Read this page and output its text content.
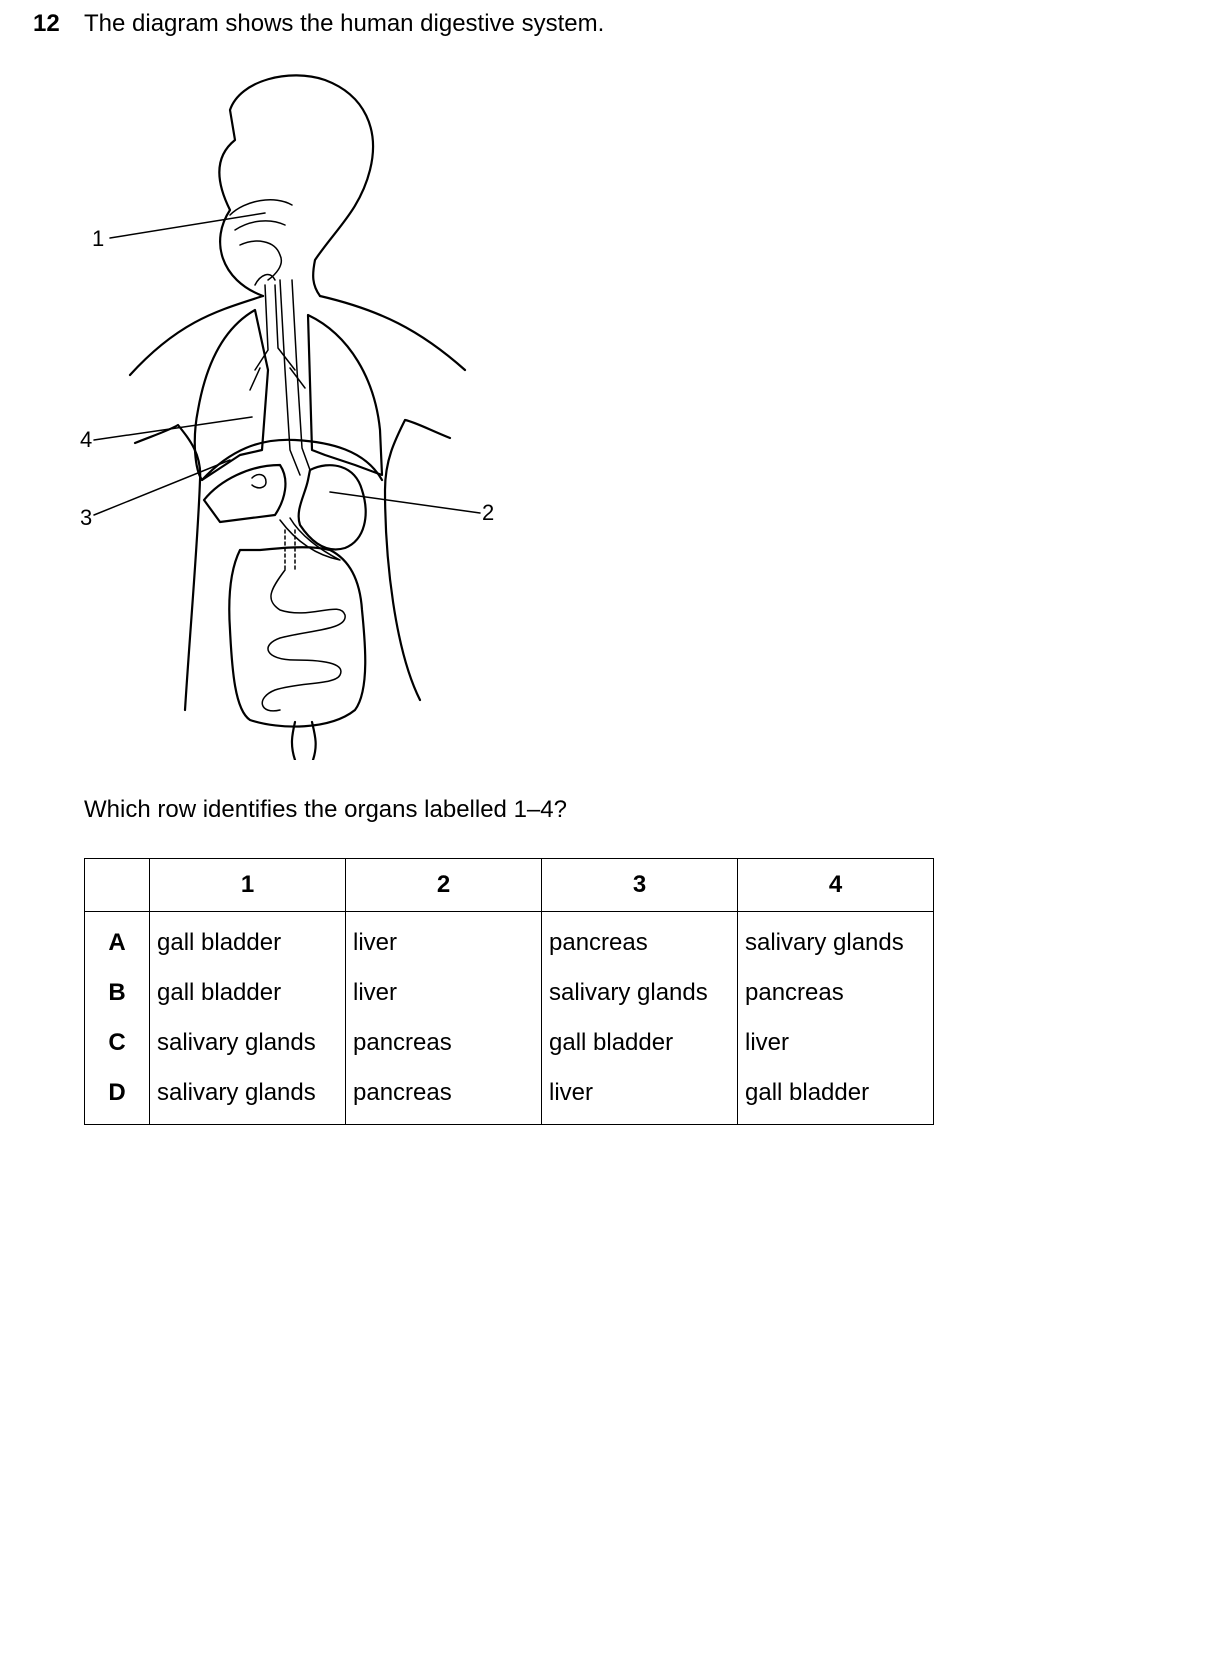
12 The diagram shows the human digestive system.
1
4
3	2
Which row identifies the organs labelled 1–4?
	1	2	3	4
A	gall bladder	liver	pancreas	salivary glands
B	gall bladder	liver	salivary glands	pancreas
C	salivary glands	pancreas	gall bladder	liver
D	salivary glands	pancreas	liver	gall bladder
